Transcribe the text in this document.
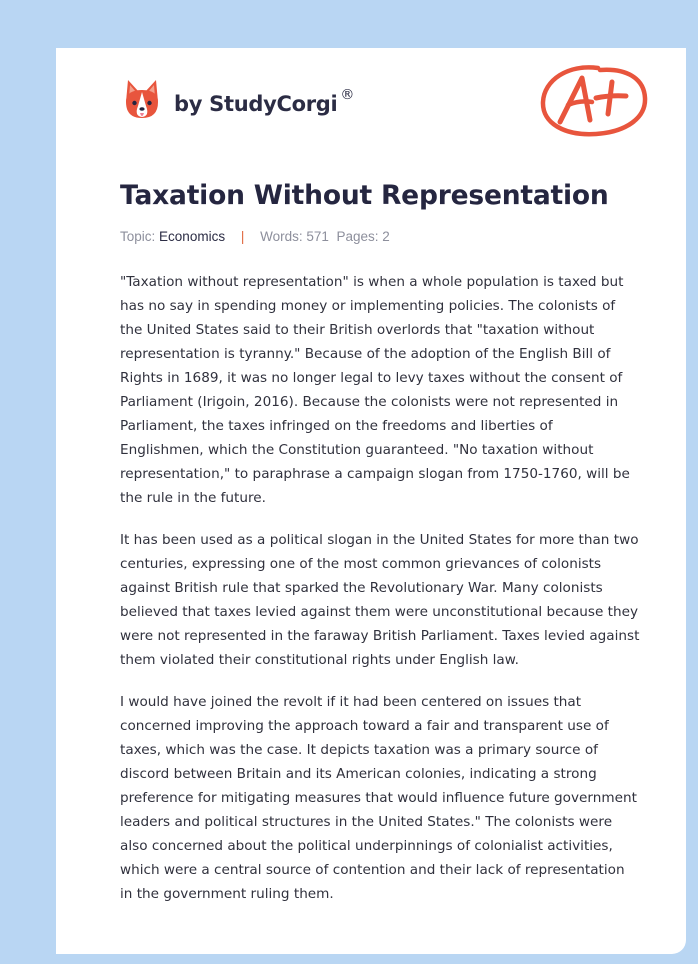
by StudyCorgi ®
Taxation Without Representation
Topic: Economics | Words: 571 Pages: 2

"Taxation without representation" is when a whole population is taxed but has no say in spending money or implementing policies. The colonists of the United States said to their British overlords that "taxation without representation is tyranny." Because of the adoption of the English Bill of Rights in 1689, it was no longer legal to levy taxes without the consent of Parliament (Irigoin, 2016). Because the colonists were not represented in Parliament, the taxes infringed on the freedoms and liberties of Englishmen, which the Constitution guaranteed. "No taxation without representation," to paraphrase a campaign slogan from 1750-1760, will be the rule in the future.

It has been used as a political slogan in the United States for more than two centuries, expressing one of the most common grievances of colonists against British rule that sparked the Revolutionary War. Many colonists believed that taxes levied against them were unconstitutional because they were not represented in the faraway British Parliament. Taxes levied against them violated their constitutional rights under English law.

I would have joined the revolt if it had been centered on issues that concerned improving the approach toward a fair and transparent use of taxes, which was the case. It depicts taxation was a primary source of discord between Britain and its American colonies, indicating a strong preference for mitigating measures that would influence future government leaders and political structures in the United States." The colonists were also concerned about the political underpinnings of colonialist activities, which were a central source of contention and their lack of representation in the government ruling them.
